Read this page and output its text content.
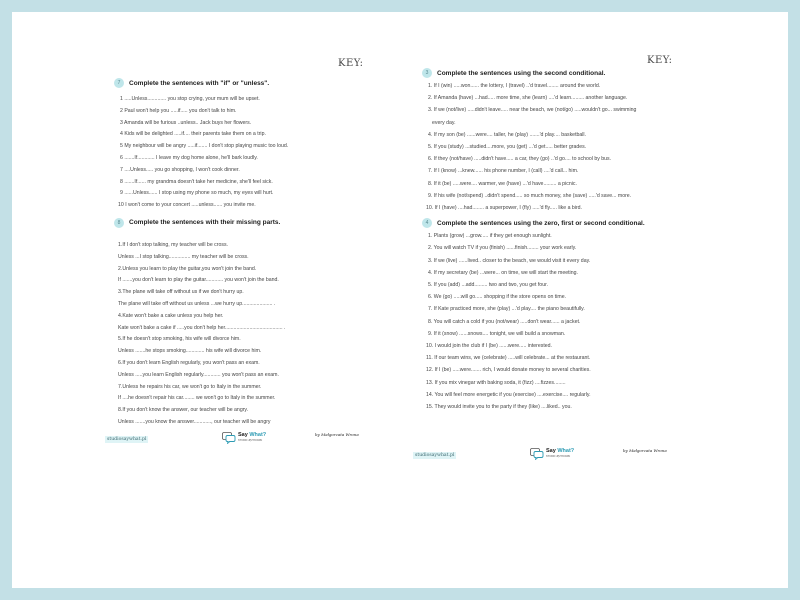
KEY:
7	Complete the sentences with "if" or "unless".
1 .....Unless............. you stop crying, your mum will be upset.
2 Paul won't help you .....if..... you don't talk to him.
3 Amanda will be furious ..unless.. Jack buys her flowers.
4 Kids will be delighted .....if.... their parents take them on a trip.
5 My neighbour will be angry .....if....... I don't stop playing music too loud.
6 .......If............ I leave my dog home alone, he'll bark loudly.
7 ....Unless..... you go shopping, I won't cook dinner.
8 .......If...... my grandma doesn't take her medicine, she'll feel sick.
9 ......Unless...... I stop using my phone so much, my eyes will hurt.
10 I won't come to your concert .....unless...... you invite me.
8	Complete the sentences with their missing parts.
1.If I don't stop talking, my teacher will be cross.
Unless ...I stop talking............... my teacher will be cross.
2.Unless you learn to play the guitar,you won't join the band.
If .......you don't learn to play the guitar............ you won't join the band.
3.The plane will take off without us if we don't hurry up.
The plane will take off without us unless ...we hurry up..................... .
4.Kate won't bake a cake unless you help her.
Kate won't bake a cake if .....you don't help her........................................ .
5.If he doesn't stop smoking, his wife will divorce him.
Unless .......he stops smoking............. his wife will divorce him.
6.If you don't learn English regularly, you won't pass an exam.
Unless .....you learn English regularly............ you won't pass an exam.
7.Unless he repairs his car, we won't go to Italy in the summer.
If ....he doesn't repair his car........ we won't go to Italy in the summer.
8.If you don't know the answer, our teacher will be angry.
Unless .......you know the answer............, our teacher will be angry
studiosaywhat.pl
Say What?
STUDIO JĘZYKOWE
by Małgorzata Wrona
KEY:
3	Complete the sentences using the second conditional.
1. If I (win) .....won...... the lottery, I (travel) ..'d travel........ around the world.
2. If Amanda (have) ...had..... more time, she (learn) ....'d learn......... another language.
3. If we (not/live) .....didn't leave..... near the beach, we (not/go) .....wouldn't go... swimming
every day.
4. If my son (be) ......were.... taller, he (play) .......'d play.... basketball.
5. If you (study) ...studied....more, you (get) ...'d get..... better grades.
6. If they (not/have) .....didn't have..... a car, they (go) ..'d go.... to school by bus.
7. If I (know) ...knew...... his phone number, I (call) ....'d call... him.
8. If it (be) .....were.... warmer, we (have) ...'d have......... a picnic.
9. If his wife (not/spend) ..didn't spend..... so much money, she (save) .....'d save... more.
10. If I (have) ....had........ a superpower, I (fly) .....'d fly..... like a bird.
4	Complete the sentences using the zero, first or second conditional.
1. Plants (grow) ...grow..... if they get enough sunlight.
2. You will watch TV if you (finish) ......finish........ your work early.
3. If we (live) ......lived.. closer to the beach, we would visit it every day.
4. If my secretary (be) ...were... on time, we will start the meeting.
5. If you (add) ...add......... two and two, you get four.
6. We (go) .....will go..... shopping if the store opens on time.
7. If Kate practiced more, she (play) ...'d play.... the piano beautifully.
8. You will catch a cold if you (not/wear) .....don't wear...... a jacket.
9. If it (snow) ......snows.... tonight, we will build a snowman.
10. I would join the club if I (be) ......were..... interested.
11. If our team wins, we (celebrate) .....will celebrate... at the restaurant.
12. If I (be) .....were....... rich, I would donate money to several charities.
13. If you mix vinegar with baking soda, it (fizz) ....fizzes........
14. You will feel more energetic if you (exercise) ....exercise.... regularly.
15. They would invite you to the party if they (like) ....liked.. you.
studiosaywhat.pl
Say What?
STUDIO JĘZYKOWE
by Małgorzata Wrona
